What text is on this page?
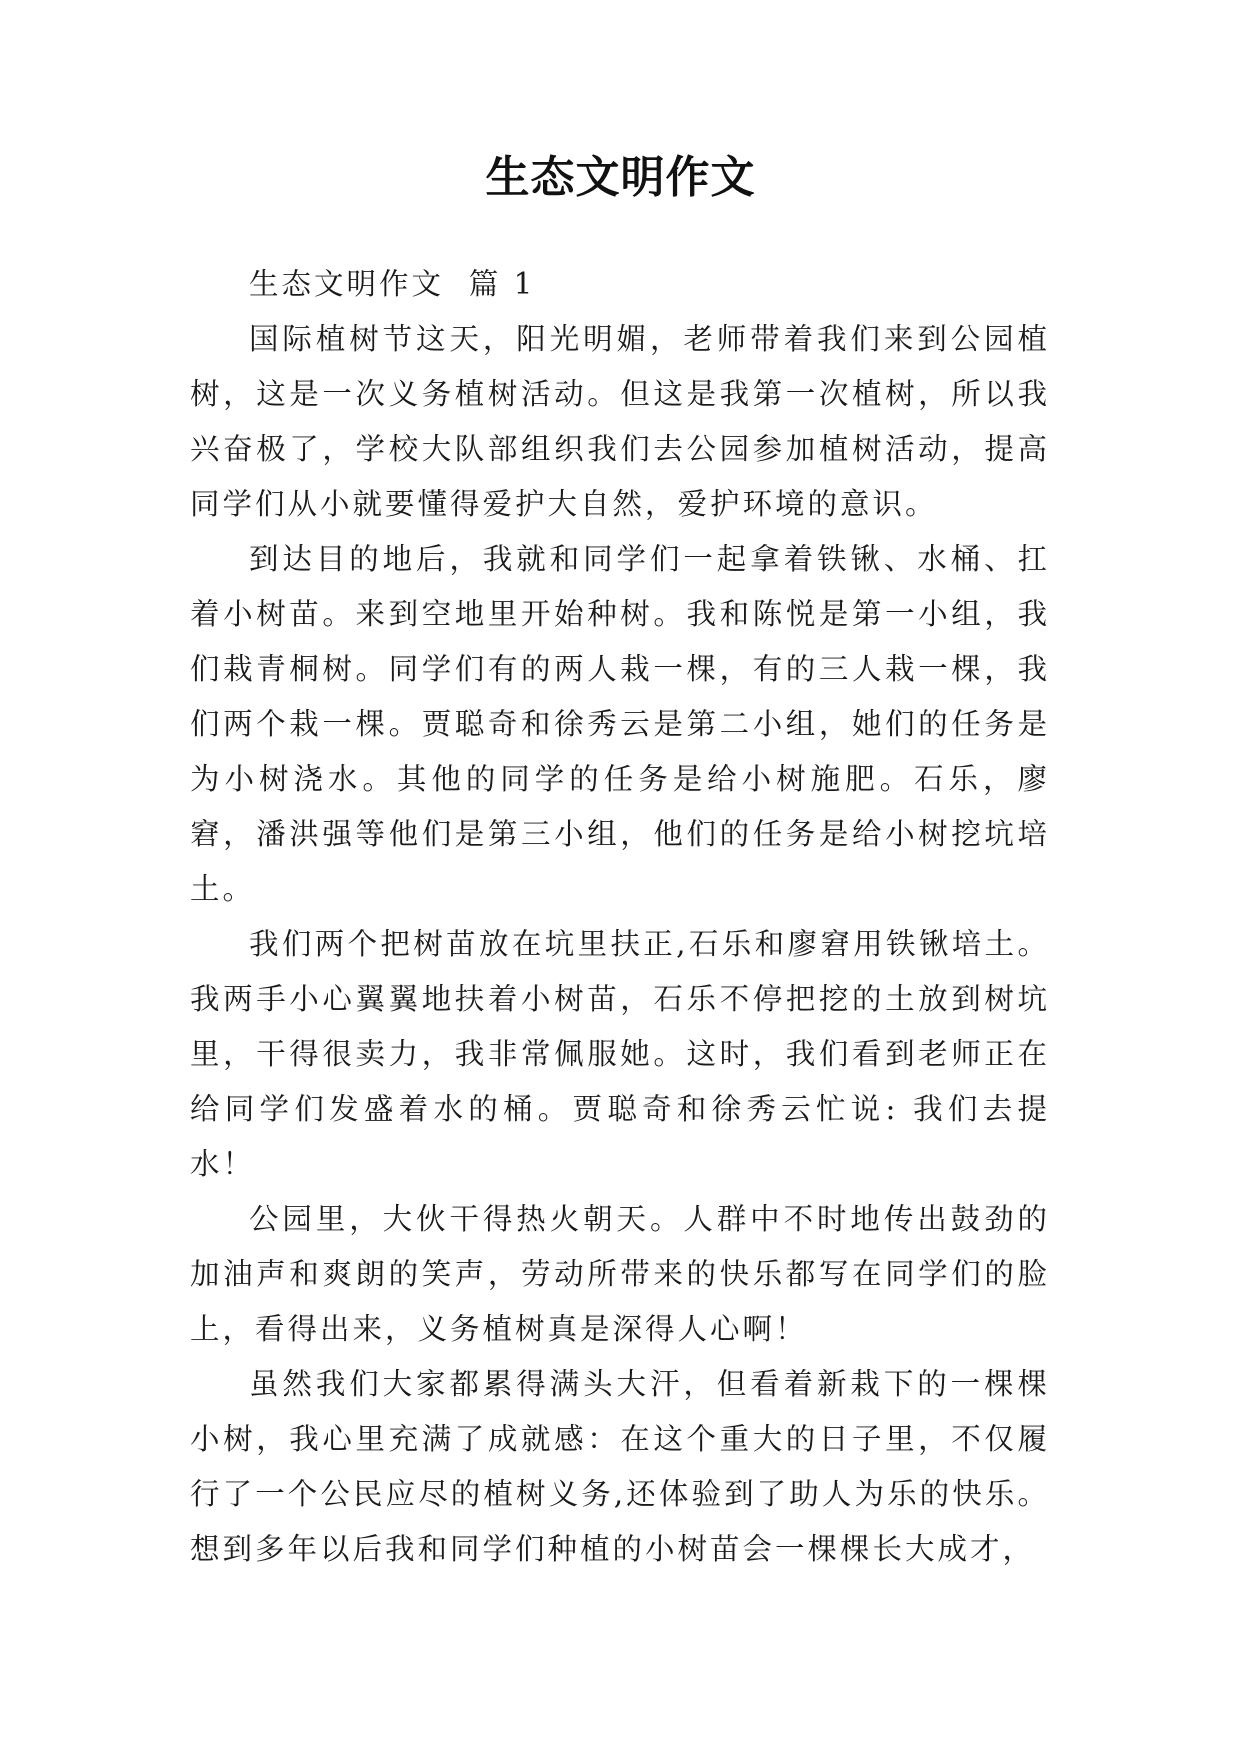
生态文明作文

生态文明作文  篇 1

国际植树节这天，阳光明媚，老师带着我们来到公园植树，这是一次义务植树活动。但这是我第一次植树，所以我兴奋极了，学校大队部组织我们去公园参加植树活动，提高同学们从小就要懂得爱护大自然，爱护环境的意识。

到达目的地后，我就和同学们一起拿着铁锹、水桶、扛着小树苗。来到空地里开始种树。我和陈悦是第一小组，我们栽青桐树。同学们有的两人栽一棵，有的三人栽一棵，我们两个栽一棵。贾聪奇和徐秀云是第二小组，她们的任务是为小树浇水。其他的同学的任务是给小树施肥。石乐，廖窘，潘洪强等他们是第三小组，他们的任务是给小树挖坑培土。

我们两个把树苗放在坑里扶正,石乐和廖窘用铁锹培土。我两手小心翼翼地扶着小树苗，石乐不停把挖的土放到树坑里，干得很卖力，我非常佩服她。这时，我们看到老师正在给同学们发盛着水的桶。贾聪奇和徐秀云忙说: 我们去提水！

公园里，大伙干得热火朝天。人群中不时地传出鼓劲的加油声和爽朗的笑声，劳动所带来的快乐都写在同学们的脸上，看得出来，义务植树真是深得人心啊！

虽然我们大家都累得满头大汗，但看着新栽下的一棵棵小树，我心里充满了成就感：在这个重大的日子里，不仅履行了一个公民应尽的植树义务,还体验到了助人为乐的快乐。想到多年以后我和同学们种植的小树苗会一棵棵长大成才，
